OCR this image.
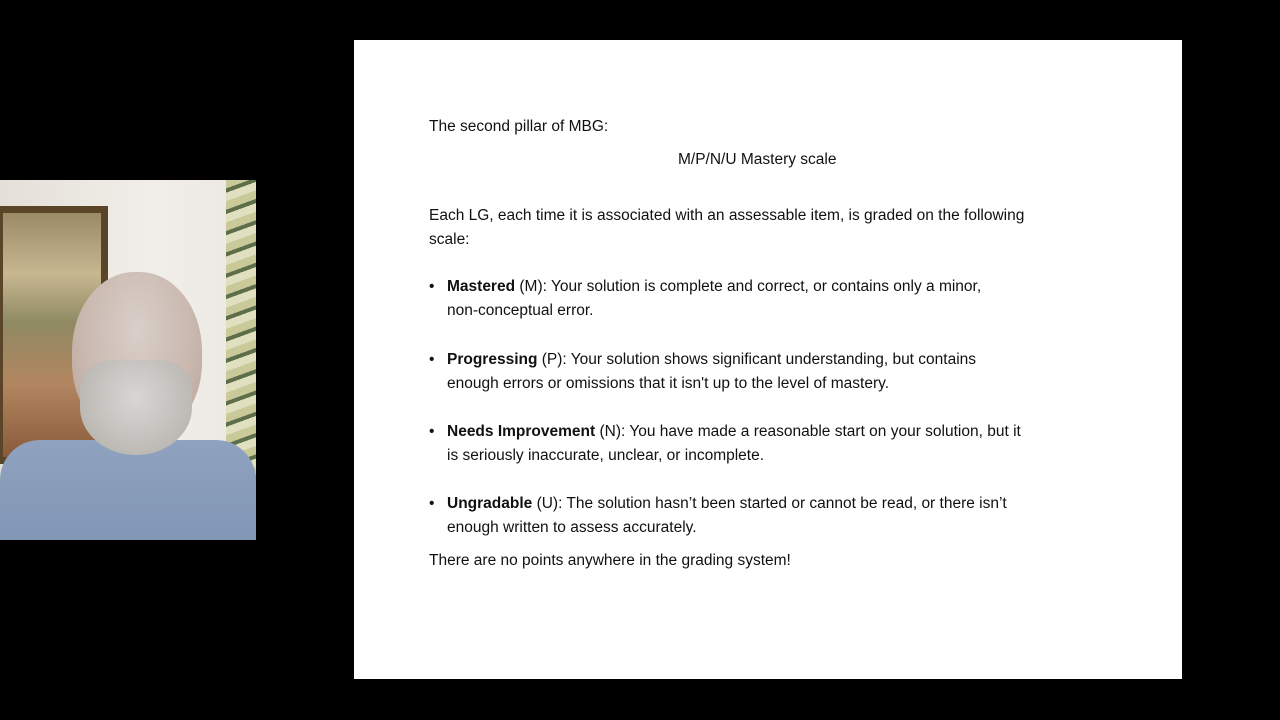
The second pillar of MBG:
M/P/N/U Mastery scale
Each LG, each time it is associated with an assessable item, is graded on the following
scale:
• Mastered (M): Your solution is complete and correct, or contains only a minor,
non-conceptual error.
• Progressing (P): Your solution shows significant understanding, but contains
enough errors or omissions that it isn't up to the level of mastery.
• Needs Improvement (N): You have made a reasonable start on your solution, but it
is seriously inaccurate, unclear, or incomplete.
• Ungradable (U): The solution hasn’t been started or cannot be read, or there isn’t
enough written to assess accurately.
There are no points anywhere in the grading system!
